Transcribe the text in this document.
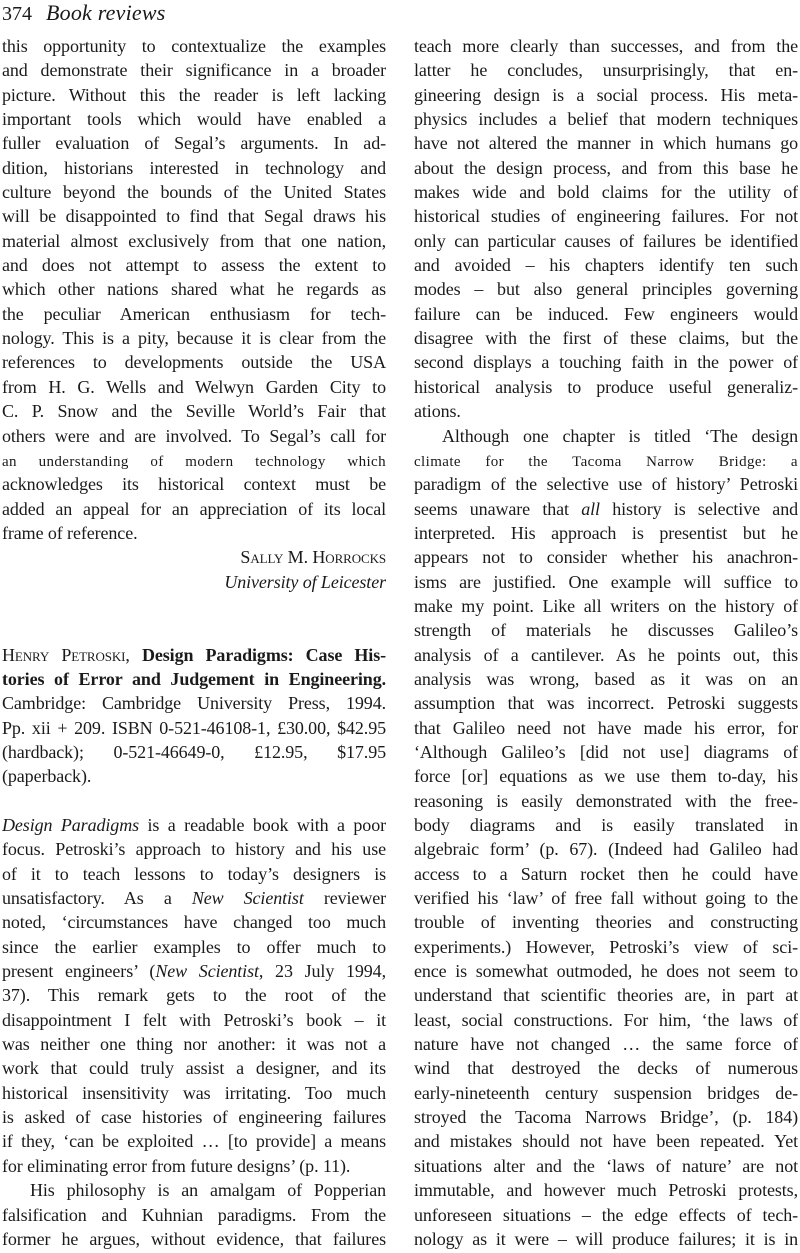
374 Book reviews
this opportunity to contextualize the examples
and demonstrate their significance in a broader
picture. Without this the reader is left lacking
important tools which would have enabled a
fuller evaluation of Segal’s arguments. In ad-
dition, historians interested in technology and
culture beyond the bounds of the United States
will be disappointed to find that Segal draws his
material almost exclusively from that one nation,
and does not attempt to assess the extent to
which other nations shared what he regards as
the peculiar American enthusiasm for tech-
nology. This is a pity, because it is clear from the
references to developments outside the USA
from H. G. Wells and Welwyn Garden City to
C. P. Snow and the Seville World’s Fair that
others were and are involved. To Segal’s call for
an understanding of modern technology which
acknowledges its historical context must be
added an appeal for an appreciation of its local
frame of reference.
Sally M. Horrocks
University of Leicester
Henry Petroski, Design Paradigms: Case His-
tories of Error and Judgement in Engineering.
Cambridge: Cambridge University Press, 1994.
Pp. xii + 209. ISBN 0-521-46108-1, £30.00, $42.95
(hardback); 0-521-46649-0, £12.95, $17.95
(paperback).
Design Paradigms is a readable book with a poor
focus. Petroski’s approach to history and his use
of it to teach lessons to today’s designers is
unsatisfactory. As a New Scientist reviewer
noted, ‘circumstances have changed too much
since the earlier examples to offer much to
present engineers’ (New Scientist, 23 July 1994,
37). This remark gets to the root of the
disappointment I felt with Petroski’s book – it
was neither one thing nor another: it was not a
work that could truly assist a designer, and its
historical insensitivity was irritating. Too much
is asked of case histories of engineering failures
if they, ‘can be exploited … [to provide] a means
for eliminating error from future designs’ (p. 11).
His philosophy is an amalgam of Popperian
falsification and Kuhnian paradigms. From the
former he argues, without evidence, that failures
teach more clearly than successes, and from the
latter he concludes, unsurprisingly, that en-
gineering design is a social process. His meta-
physics includes a belief that modern techniques
have not altered the manner in which humans go
about the design process, and from this base he
makes wide and bold claims for the utility of
historical studies of engineering failures. For not
only can particular causes of failures be identified
and avoided – his chapters identify ten such
modes – but also general principles governing
failure can be induced. Few engineers would
disagree with the first of these claims, but the
second displays a touching faith in the power of
historical analysis to produce useful generaliz-
ations.
Although one chapter is titled ‘The design
climate for the Tacoma Narrow Bridge: a
paradigm of the selective use of history’ Petroski
seems unaware that all history is selective and
interpreted. His approach is presentist but he
appears not to consider whether his anachron-
isms are justified. One example will suffice to
make my point. Like all writers on the history of
strength of materials he discusses Galileo’s
analysis of a cantilever. As he points out, this
analysis was wrong, based as it was on an
assumption that was incorrect. Petroski suggests
that Galileo need not have made his error, for
‘Although Galileo’s [did not use] diagrams of
force [or] equations as we use them to-day, his
reasoning is easily demonstrated with the free-
body diagrams and is easily translated in
algebraic form’ (p. 67). (Indeed had Galileo had
access to a Saturn rocket then he could have
verified his ‘law’ of free fall without going to the
trouble of inventing theories and constructing
experiments.) However, Petroski’s view of sci-
ence is somewhat outmoded, he does not seem to
understand that scientific theories are, in part at
least, social constructions. For him, ‘the laws of
nature have not changed … the same force of
wind that destroyed the decks of numerous
early-nineteenth century suspension bridges de-
stroyed the Tacoma Narrows Bridge’, (p. 184)
and mistakes should not have been repeated. Yet
situations alter and the ‘laws of nature’ are not
immutable, and however much Petroski protests,
unforeseen situations – the edge effects of tech-
nology as it were – will produce failures; it is in
